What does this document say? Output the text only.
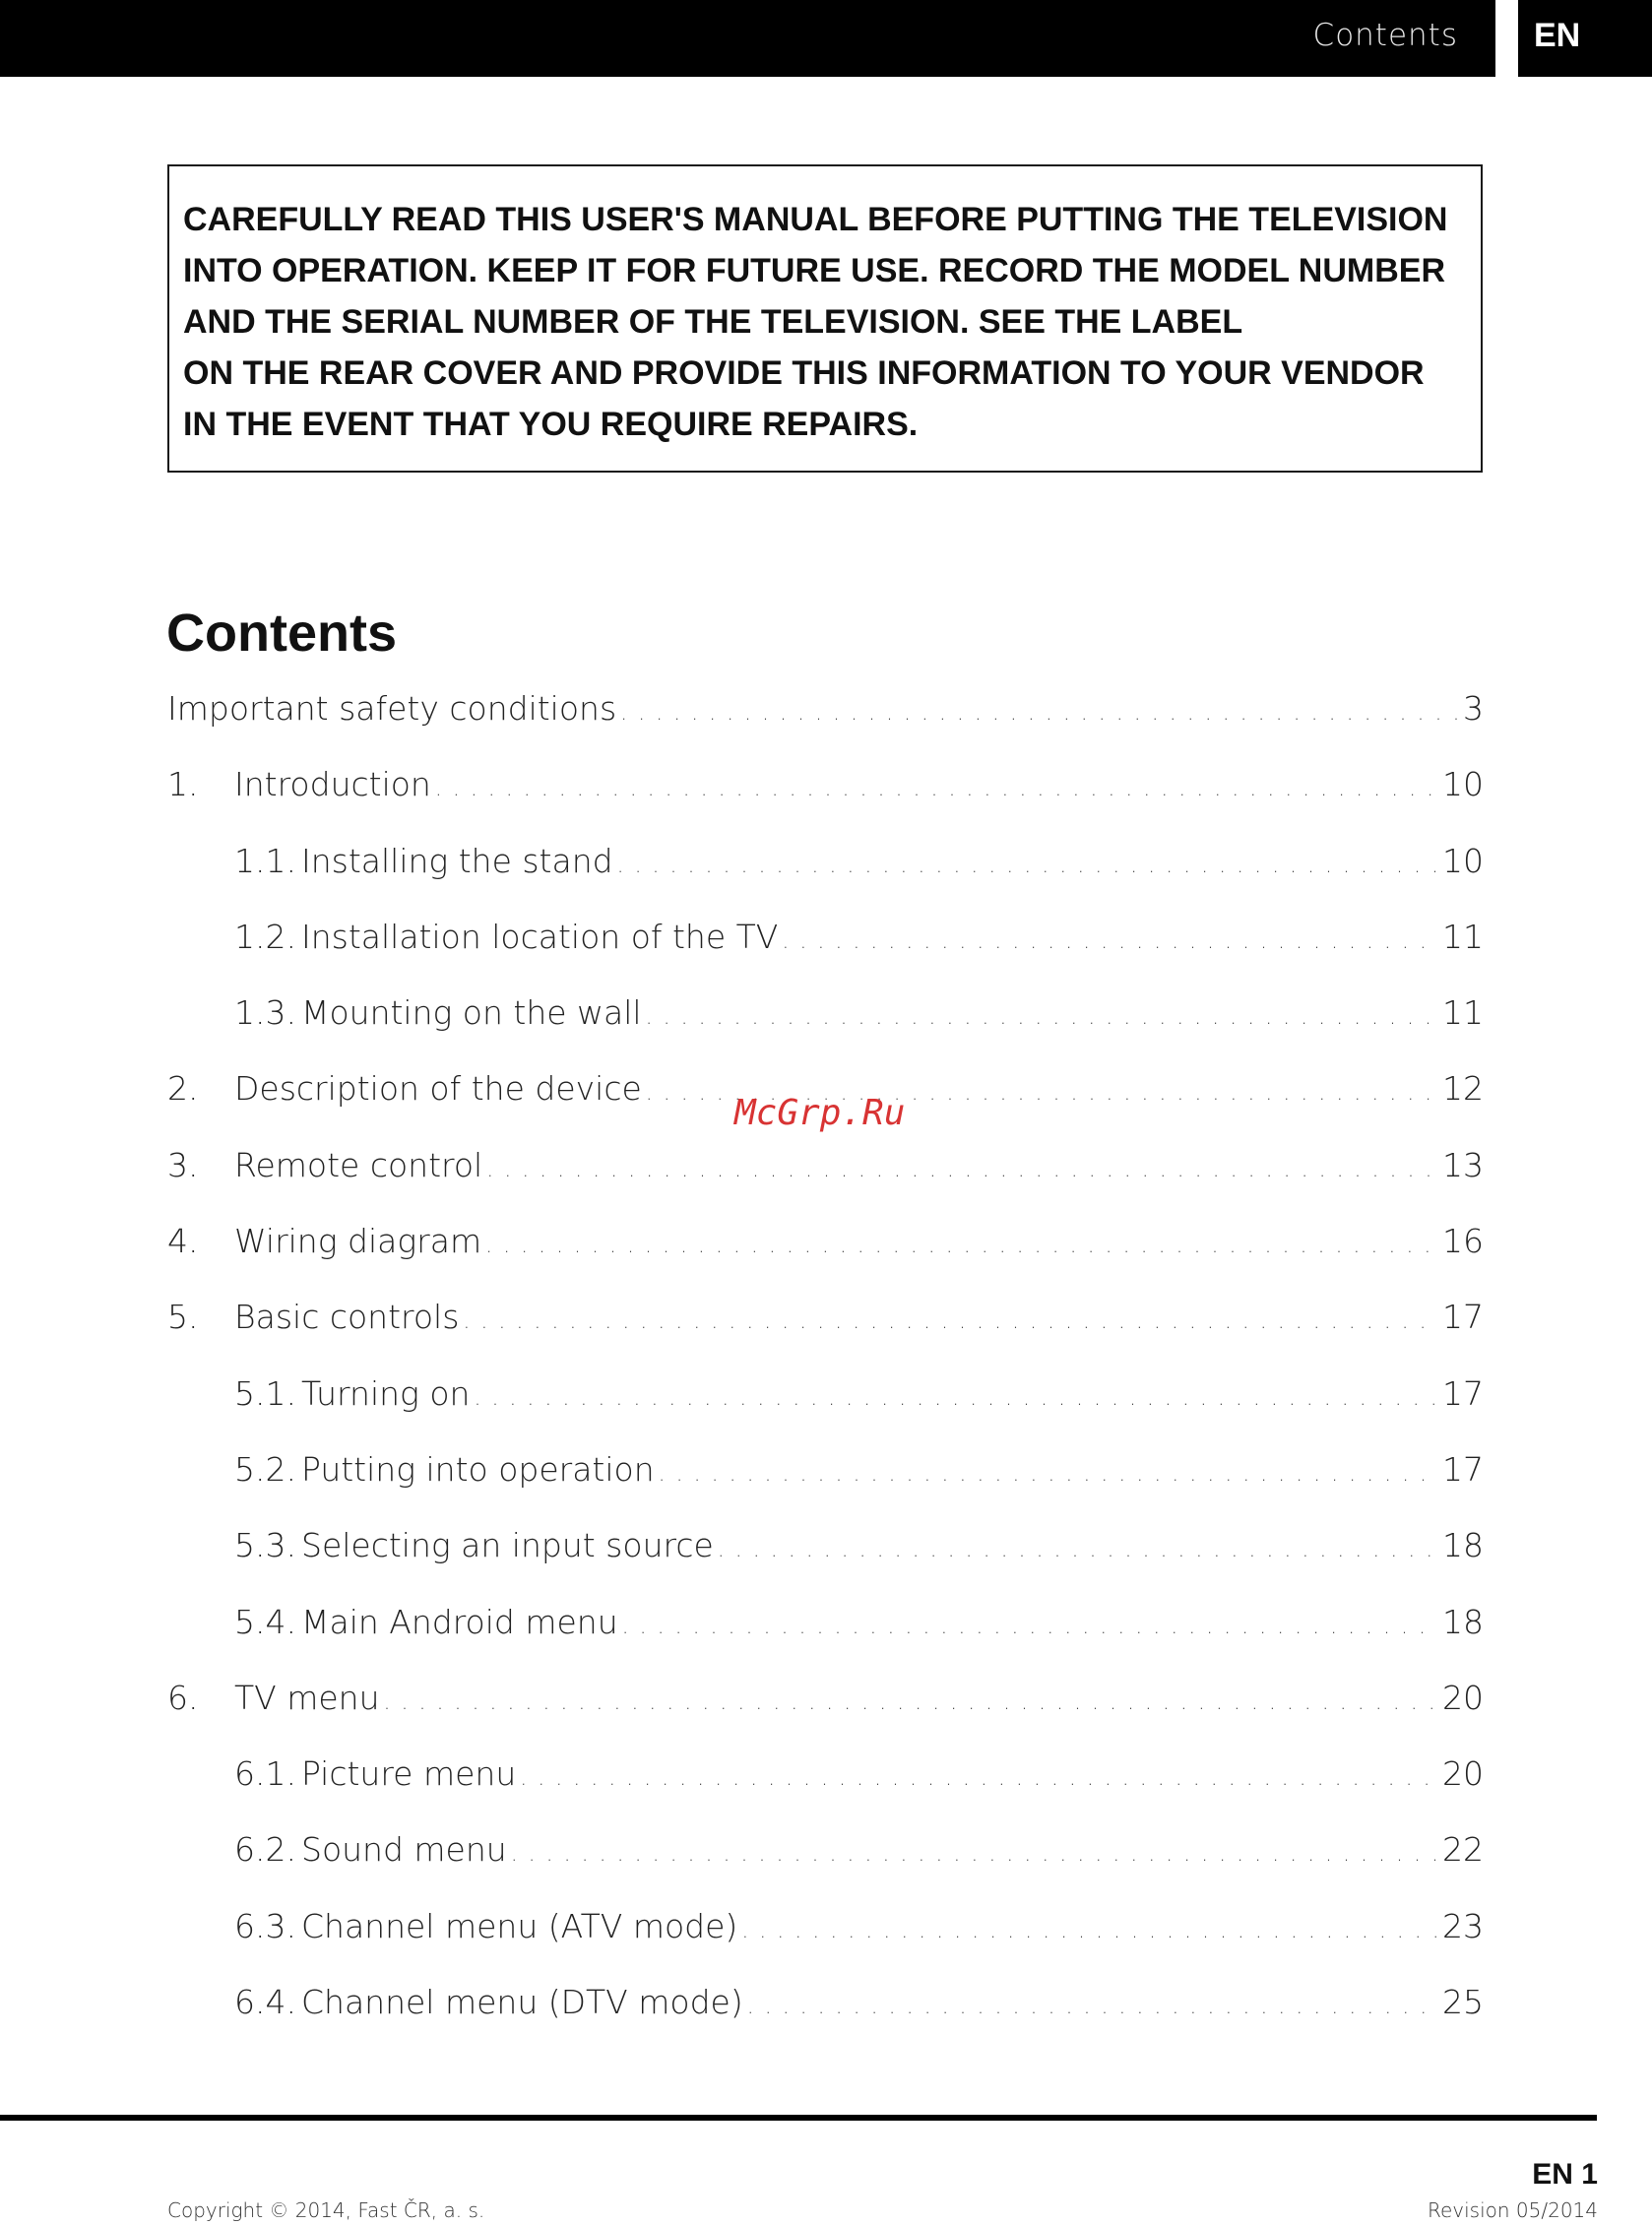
Contents EN
CAREFULLY READ THIS USER'S MANUAL BEFORE PUTTING THE TELEVISION
INTO OPERATION. KEEP IT FOR FUTURE USE. RECORD THE MODEL NUMBER
AND THE SERIAL NUMBER OF THE TELEVISION. SEE THE LABEL
ON THE REAR COVER AND PROVIDE THIS INFORMATION TO YOUR VENDOR
IN THE EVENT THAT YOU REQUIRE REPAIRS.
Contents
Important safety conditions . . .	3
1.	Introduction . . .	10
1.1. Installing the stand . . .	10
1.2. Installation location of the TV . . .	11
1.3. Mounting on the wall . . .	11
2.	Description of the device . . .	12
3.	Remote control . . .	13
4.	Wiring diagram . . .	16
5.	Basic controls . . .	17
5.1. Turning on . . .	17
5.2. Putting into operation . . .	17
5.3. Selecting an input source . . .	18
5.4. Main Android menu . . .	18
6.	TV menu . . .	20
6.1. Picture menu . . .	20
6.2. Sound menu . . .	22
6.3. Channel menu (ATV mode) . . .	23
6.4. Channel menu (DTV mode) . . .	25
McGrp.Ru
EN 1
Copyright © 2014, Fast ČR, a. s.	Revision 05/2014
